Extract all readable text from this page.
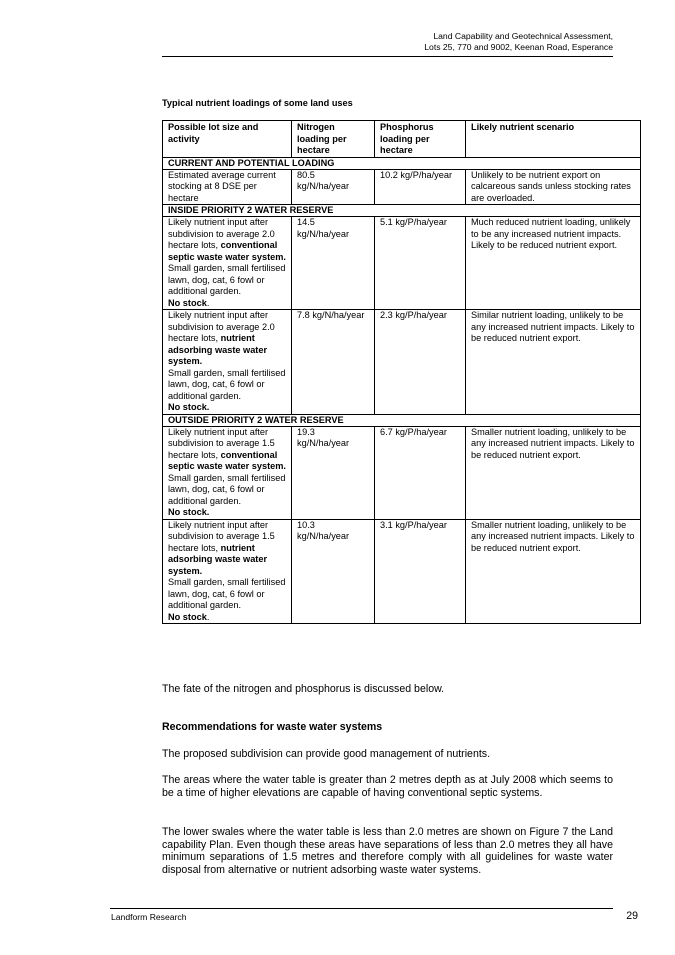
Land Capability and Geotechnical Assessment,
Lots 25, 770 and 9002, Keenan Road, Esperance
Typical nutrient loadings of some land uses
Possible lot size and activity	Nitrogen loading per hectare	Phosphorus loading per hectare	Likely nutrient scenario
CURRENT AND POTENTIAL LOADING			
Estimated average current stocking at 8 DSE per hectare	80.5 kg/N/ha/year	10.2 kg/P/ha/year	Unlikely to be nutrient export on calcareous sands unless stocking rates are overloaded.
INSIDE PRIORITY 2 WATER RESERVE			
Likely nutrient input after subdivision to average 2.0 hectare lots, conventional septic waste water system.
Small garden, small fertilised lawn, dog, cat, 6 fowl or additional garden.
No stock.	14.5 kg/N/ha/year	5.1 kg/P/ha/year	Much reduced nutrient loading, unlikely to be any increased nutrient impacts.
Likely to be reduced nutrient export.
Likely nutrient input after subdivision to average 2.0 hectare lots, nutrient adsorbing waste water system.
Small garden, small fertilised lawn, dog, cat, 6 fowl or additional garden.
No stock.	7.8 kg/N/ha/year	2.3 kg/P/ha/year	Similar nutrient loading, unlikely to be any increased nutrient impacts. Likely to be reduced nutrient export.
OUTSIDE PRIORITY 2 WATER RESERVE			
Likely nutrient input after subdivision to average 1.5 hectare lots, conventional septic waste water system.
Small garden, small fertilised lawn, dog, cat, 6 fowl or additional garden.
No stock.	19.3 kg/N/ha/year	6.7 kg/P/ha/year	Smaller nutrient loading, unlikely to be any increased nutrient impacts. Likely to be reduced nutrient export.
Likely nutrient input after subdivision to average 1.5 hectare lots, nutrient adsorbing waste water system.
Small garden, small fertilised lawn, dog, cat, 6 fowl or additional garden.
No stock.	10.3 kg/N/ha/year	3.1 kg/P/ha/year	Smaller nutrient loading, unlikely to be any increased nutrient impacts. Likely to be reduced nutrient export.
The fate of the nitrogen and phosphorus is discussed below.
Recommendations for waste water systems
The proposed subdivision can provide good management of nutrients.
The areas where the water table is greater than 2 metres depth as at July 2008 which seems to be a time of higher elevations are capable of having conventional septic systems.
The lower swales where the water table is less than 2.0 metres are shown on Figure 7 the Land capability Plan. Even though these areas have separations of less than 2.0 metres they all have minimum separations of 1.5 metres and therefore comply with all guidelines for waste water disposal from alternative or nutrient adsorbing waste water systems.
Landform Research	29
